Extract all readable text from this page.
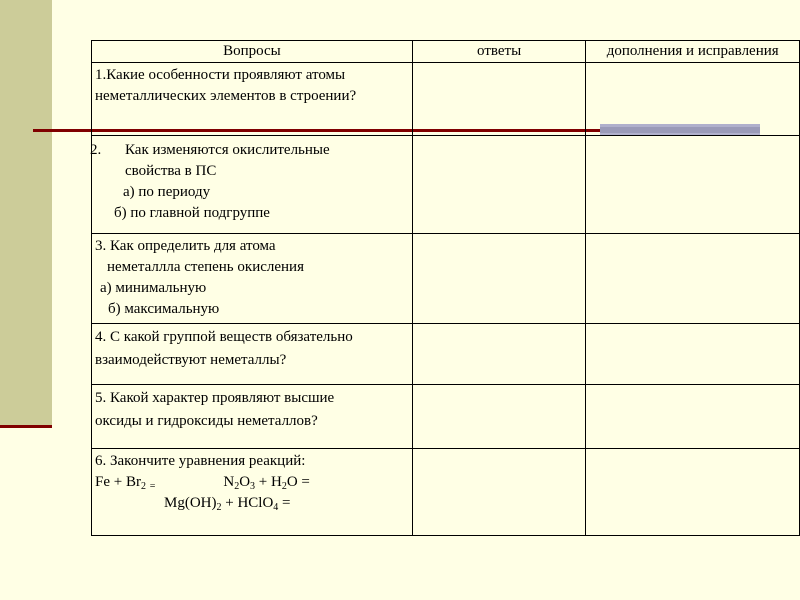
Вопросы	ответы	дополнения и исправления

1.Какие особенности проявляют атомы
неметаллических элементов в строении?		

2. Как изменяются окислительные
свойства в ПС
а) по периоду
б) по главной подгруппе		

3. Как определить для атома
неметаллла степень окисления
а) минимальную
б) максимальную		

4. С какой группой веществ обязательно
взаимодействуют неметаллы?		

5. Какой характер проявляют высшие
оксиды и гидроксиды неметаллов?		

6. Закончите уравнения реакций:
$Fe + Br_2$ $_=$ $N_2O_3 + H_2O$ =
$Mg(OH)_2$ + HClO$_4$ =		
